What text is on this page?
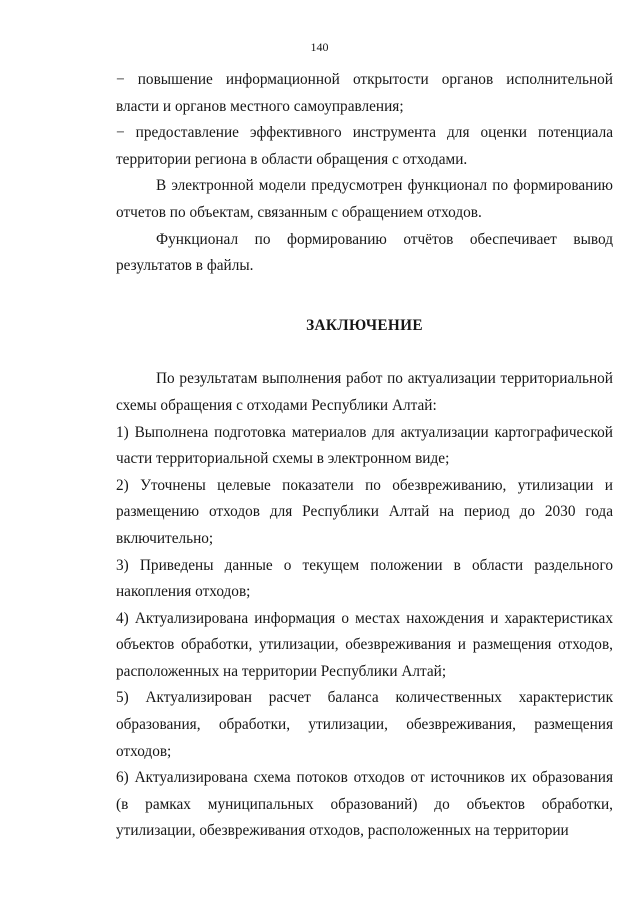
140

− повышение информационной открытости органов исполнительной власти и органов местного самоуправления;

− предоставление эффективного инструмента для оценки потенциала территории региона в области обращения с отходами.

В электронной модели предусмотрен функционал по формированию отчетов по объектам, связанным с обращением отходов.

Функционал по формированию отчётов обеспечивает вывод результатов в файлы.

ЗАКЛЮЧЕНИЕ

По результатам выполнения работ по актуализации территориальной схемы обращения с отходами Республики Алтай:

1) Выполнена подготовка материалов для актуализации картографической части территориальной схемы в электронном виде;

2) Уточнены целевые показатели по обезвреживанию, утилизации и размещению отходов для Республики Алтай на период до 2030 года включительно;

3) Приведены данные о текущем положении в области раздельного накопления отходов;

4) Актуализирована информация о местах нахождения и характеристиках объектов обработки, утилизации, обезвреживания и размещения отходов, расположенных на территории Республики Алтай;

5) Актуализирован расчет баланса количественных характеристик образования, обработки, утилизации, обезвреживания, размещения отходов;

6) Актуализирована схема потоков отходов от источников их образования (в рамках муниципальных образований) до объектов обработки, утилизации, обезвреживания отходов, расположенных на территории
